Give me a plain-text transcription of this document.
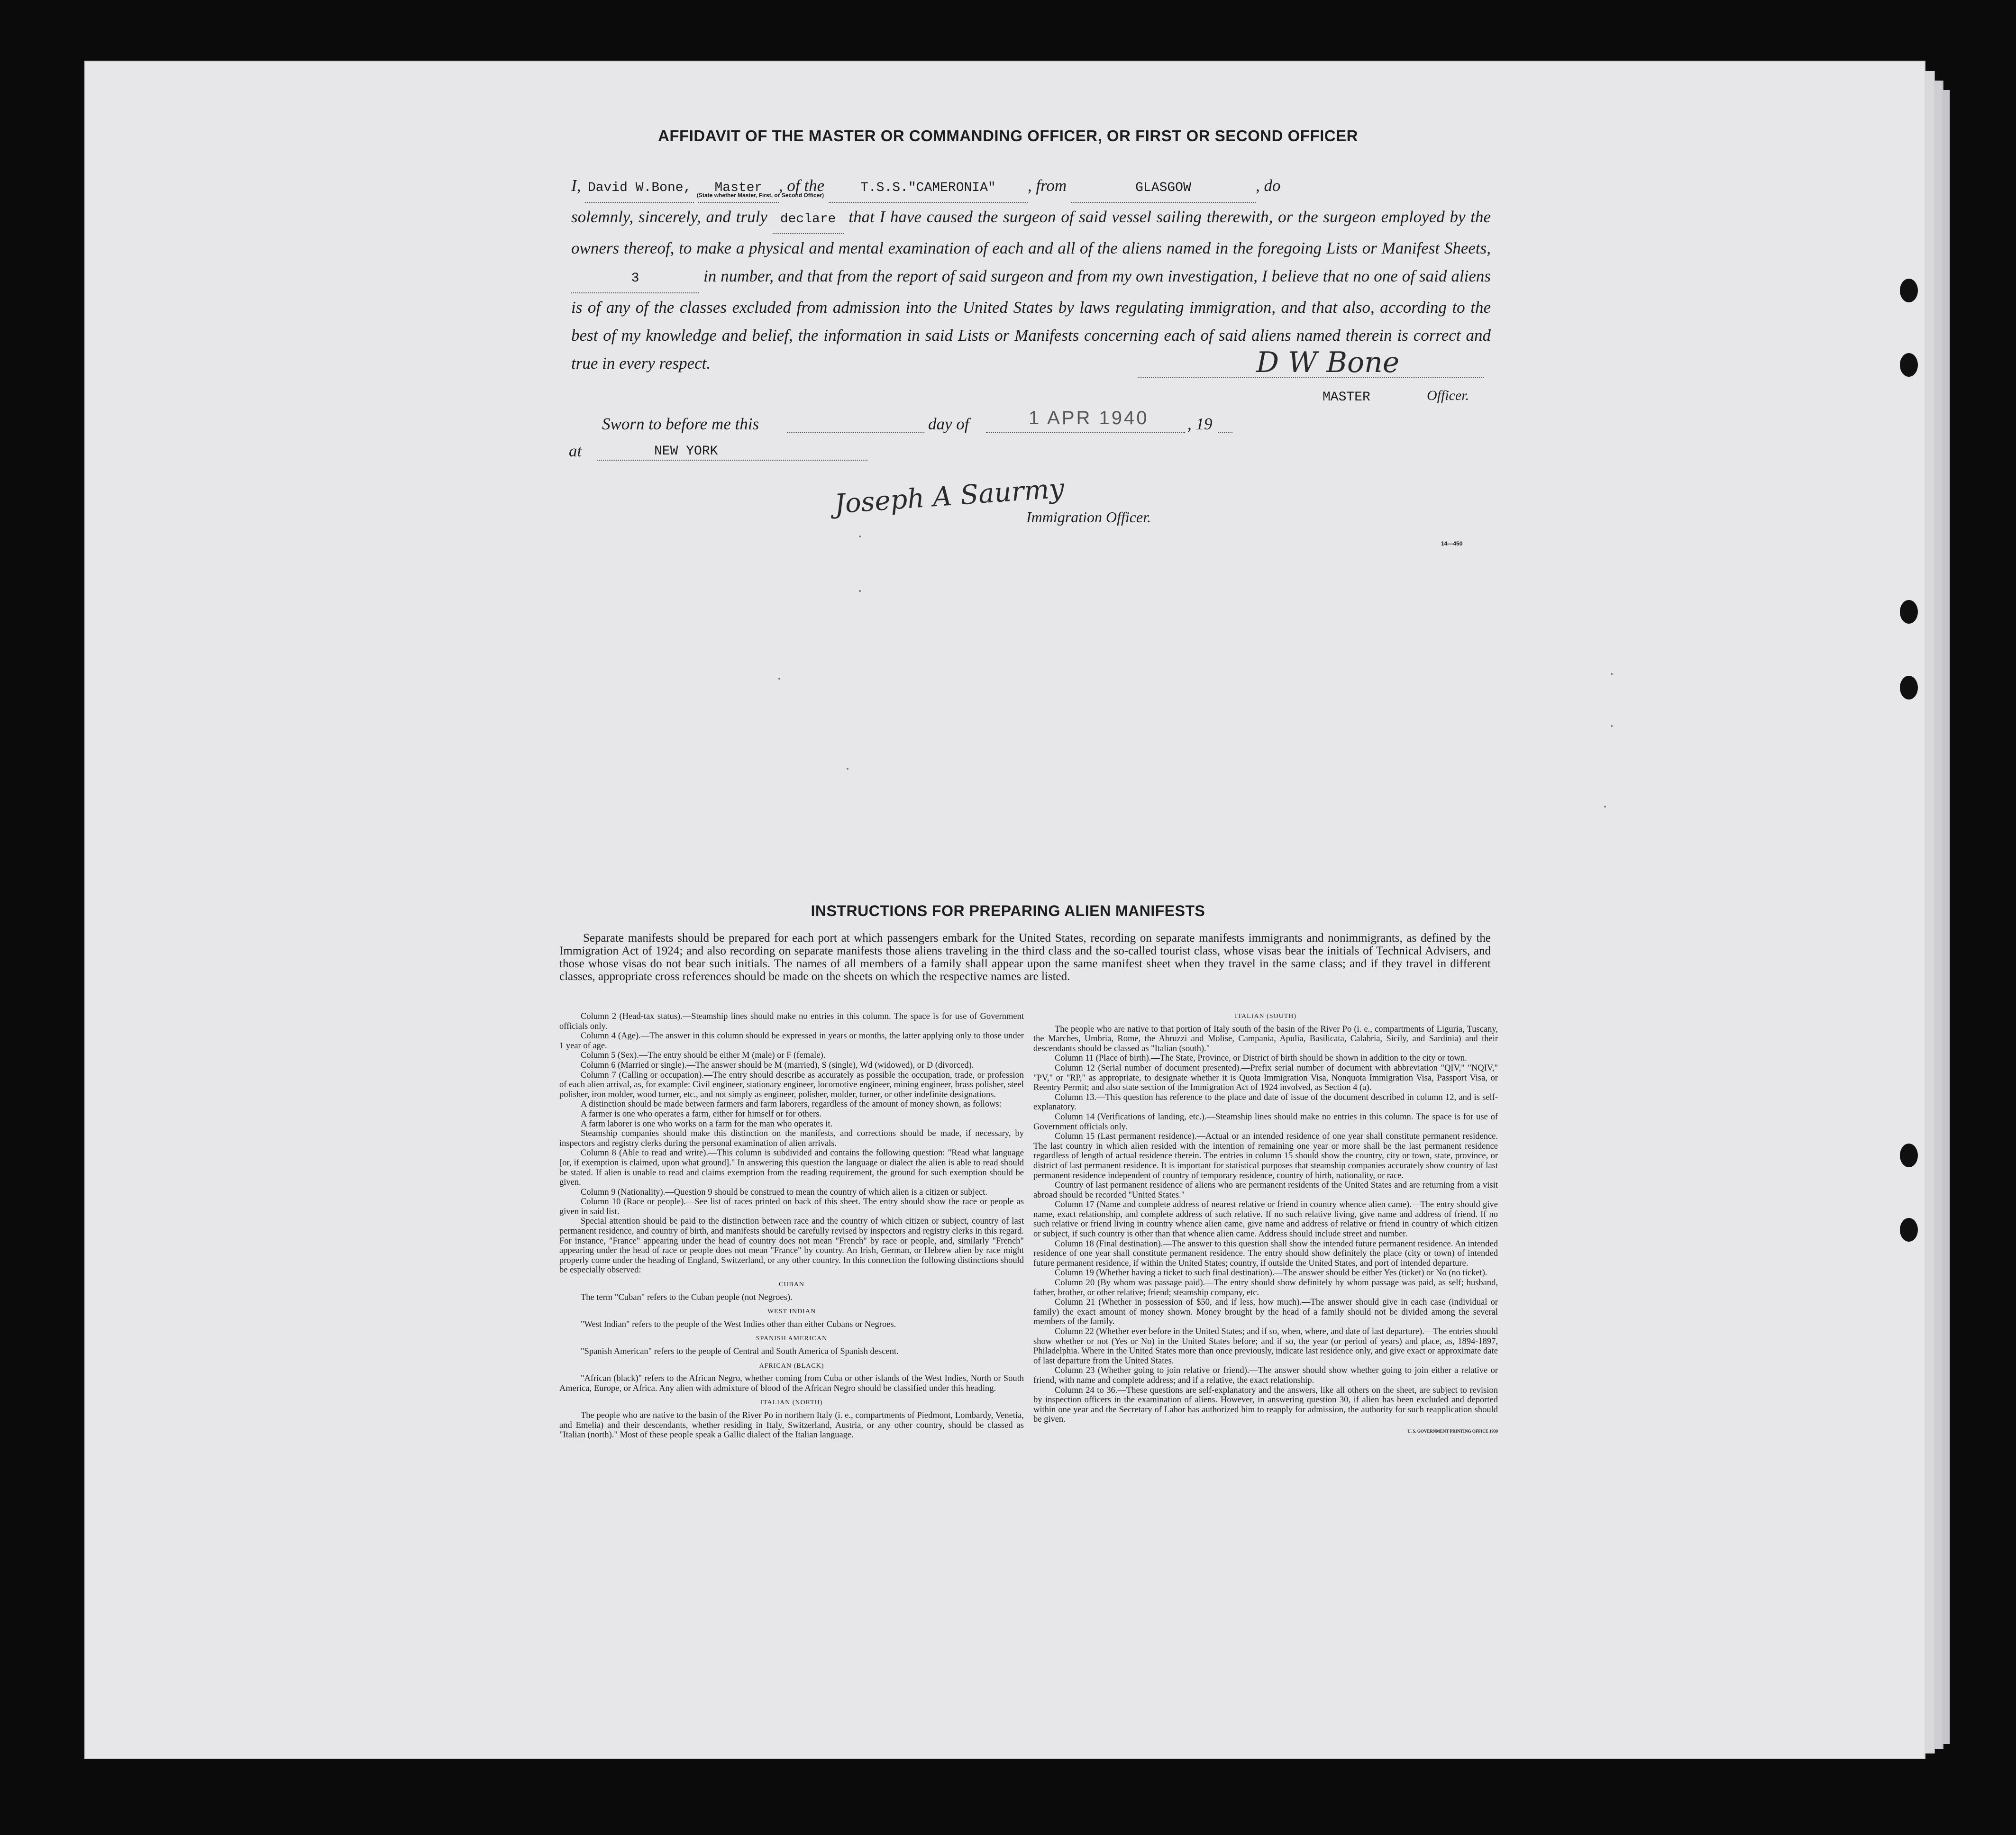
AFFIDAVIT OF THE MASTER OR COMMANDING OFFICER, OR FIRST OR SECOND OFFICER
I, David W.Bone, Master , of the	T.S.S."CAMERONIA" , from	GLASGOW	, do
solemnly, sincerely, and truly declare that I have caused the surgeon of said vessel sailing therewith, or the surgeon employed by the owners thereof, to make a physical and mental examination of each and all of the aliens named in the foregoing Lists or Manifest Sheets, 3	in number, and that from the report of said surgeon and from my own investigation, I believe that no one of said aliens is of any of the classes excluded from admission into the United States by laws regulating immigration, and that also, according to the best of my knowledge and belief, the information in said Lists or Manifests concerning each of said aliens named therein is correct and true in every respect.
(State whether Master, First, or Second Officer)
D W Bone
MASTER	Officer.
Sworn to before me this	day of	1 APR 1940 , 19
at	NEW YORK
Joseph A Saurmy
Immigration Officer.
14—450
INSTRUCTIONS FOR PREPARING ALIEN MANIFESTS
Separate manifests should be prepared for each port at which passengers embark for the United States, recording on separate manifests immigrants and nonimmigrants, as defined by the Immigration Act of 1924; and also recording on separate manifests those aliens traveling in the third class and the so-called tourist class, whose visas bear the initials of Technical Advisers, and those whose visas do not bear such initials. The names of all members of a family shall appear upon the same manifest sheet when they travel in the same class; and if they travel in different classes, appropriate cross references should be made on the sheets on which the respective names are listed.

Column 2 (Head-tax status).—Steamship lines should make no entries in this column. The space is for use of Government officials only.

Column 4 (Age).—The answer in this column should be expressed in years or months, the latter applying only to those under 1 year of age.

Column 5 (Sex).—The entry should be either M (male) or F (female).

Column 6 (Married or single).—The answer should be M (married), S (single), Wd (widowed), or D (divorced).

Column 7 (Calling or occupation).—The entry should describe as accurately as possible the occupation, trade, or profession of each alien arrival, as, for example: Civil engineer, stationary engineer, locomotive engineer, mining engineer, brass polisher, steel polisher, iron molder, wood turner, etc., and not simply as engineer, polisher, molder, turner, or other indefinite designations.

A distinction should be made between farmers and farm laborers, regardless of the amount of money shown, as follows:

A farmer is one who operates a farm, either for himself or for others.

A farm laborer is one who works on a farm for the man who operates it.

Steamship companies should make this distinction on the manifests, and corrections should be made, if necessary, by inspectors and registry clerks during the personal examination of alien arrivals.

Column 8 (Able to read and write).—This column is subdivided and contains the following question: "Read what language [or, if exemption is claimed, upon what ground]." In answering this question the language or dialect the alien is able to read should be stated. If alien is unable to read and claims exemption from the reading requirement, the ground for such exemption should be given.

Column 9 (Nationality).—Question 9 should be construed to mean the country of which alien is a citizen or subject.

Column 10 (Race or people).—See list of races printed on back of this sheet. The entry should show the race or people as given in said list.

Special attention should be paid to the distinction between race and the country of which citizen or subject, country of last permanent residence, and country of birth, and manifests should be carefully revised by inspectors and registry clerks in this regard. For instance, "France" appearing under the head of country does not mean "French" by race or people, and, similarly "French" appearing under the head of race or people does not mean "France" by country. An Irish, German, or Hebrew alien by race might properly come under the heading of England, Switzerland, or any other country. In this connection the following distinctions should be especially observed:

CUBAN

The term "Cuban" refers to the Cuban people (not Negroes).

WEST INDIAN

"West Indian" refers to the people of the West Indies other than either Cubans or Negroes.

SPANISH AMERICAN

"Spanish American" refers to the people of Central and South America of Spanish descent.

AFRICAN (BLACK)

"African (black)" refers to the African Negro, whether coming from Cuba or other islands of the West Indies, North or South America, Europe, or Africa. Any alien with admixture of blood of the African Negro should be classified under this heading.

ITALIAN (NORTH)

The people who are native to the basin of the River Po in northern Italy (i. e., compartments of Piedmont, Lombardy, Venetia, and Emelia) and their descendants, whether residing in Italy, Switzerland, Austria, or any other country, should be classed as "Italian (north)." Most of these people speak a Gallic dialect of the Italian language.

ITALIAN (SOUTH)

The people who are native to that portion of Italy south of the basin of the River Po (i. e., compartments of Liguria, Tuscany, the Marches, Umbria, Rome, the Abruzzi and Molise, Campania, Apulia, Basilicata, Calabria, Sicily, and Sardinia) and their descendants should be classed as "Italian (south)."

Column 11 (Place of birth).—The State, Province, or District of birth should be shown in addition to the city or town.

Column 12 (Serial number of document presented).—Prefix serial number of document with abbreviation "QIV," "NQIV," "PV," or "RP," as appropriate, to designate whether it is Quota Immigration Visa, Nonquota Immigration Visa, Passport Visa, or Reentry Permit; and also state section of the Immigration Act of 1924 involved, as Section 4 (a).

Column 13.—This question has reference to the place and date of issue of the document described in column 12, and is self-explanatory.

Column 14 (Verifications of landing, etc.).—Steamship lines should make no entries in this column. The space is for use of Government officials only.

Column 15 (Last permanent residence).—Actual or an intended residence of one year shall constitute permanent residence. The last country in which alien resided with the intention of remaining one year or more shall be the last permanent residence regardless of length of actual residence therein. The entries in column 15 should show the country, city or town, state, province, or district of last permanent residence. It is important for statistical purposes that steamship companies accurately show country of last permanent residence independent of country of temporary residence, country of birth, nationality, or race.

Country of last permanent residence of aliens who are permanent residents of the United States and are returning from a visit abroad should be recorded "United States."

Column 17 (Name and complete address of nearest relative or friend in country whence alien came).—The entry should give name, exact relationship, and complete address of such relative. If no such relative living, give name and address of friend. If no such relative or friend living in country whence alien came, give name and address of relative or friend in country of which citizen or subject, if such country is other than that whence alien came. Address should include street and number.

Column 18 (Final destination).—The answer to this question shall show the intended future permanent residence. An intended residence of one year shall constitute permanent residence. The entry should show definitely the place (city or town) of intended future permanent residence, if within the United States; country, if outside the United States, and port of intended departure.

Column 19 (Whether having a ticket to such final destination).—The answer should be either Yes (ticket) or No (no ticket).

Column 20 (By whom was passage paid).—The entry should show definitely by whom passage was paid, as self; husband, father, brother, or other relative; friend; steamship company, etc.

Column 21 (Whether in possession of $50, and if less, how much).—The answer should give in each case (individual or family) the exact amount of money shown. Money brought by the head of a family should not be divided among the several members of the family.

Column 22 (Whether ever before in the United States; and if so, when, where, and date of last departure).—The entries should show whether or not (Yes or No) in the United States before; and if so, the year (or period of years) and place, as, 1894-1897, Philadelphia. Where in the United States more than once previously, indicate last residence only, and give exact or approximate date of last departure from the United States.

Column 23 (Whether going to join relative or friend).—The answer should show whether going to join either a relative or friend, with name and complete address; and if a relative, the exact relationship.

Column 24 to 36.—These questions are self-explanatory and the answers, like all others on the sheet, are subject to revision by inspection officers in the examination of aliens. However, in answering question 30, if alien has been excluded and deported within one year and the Secretary of Labor has authorized him to reapply for admission, the authority for such reapplication should be given.

U. S. GOVERNMENT PRINTING OFFICE 1939
